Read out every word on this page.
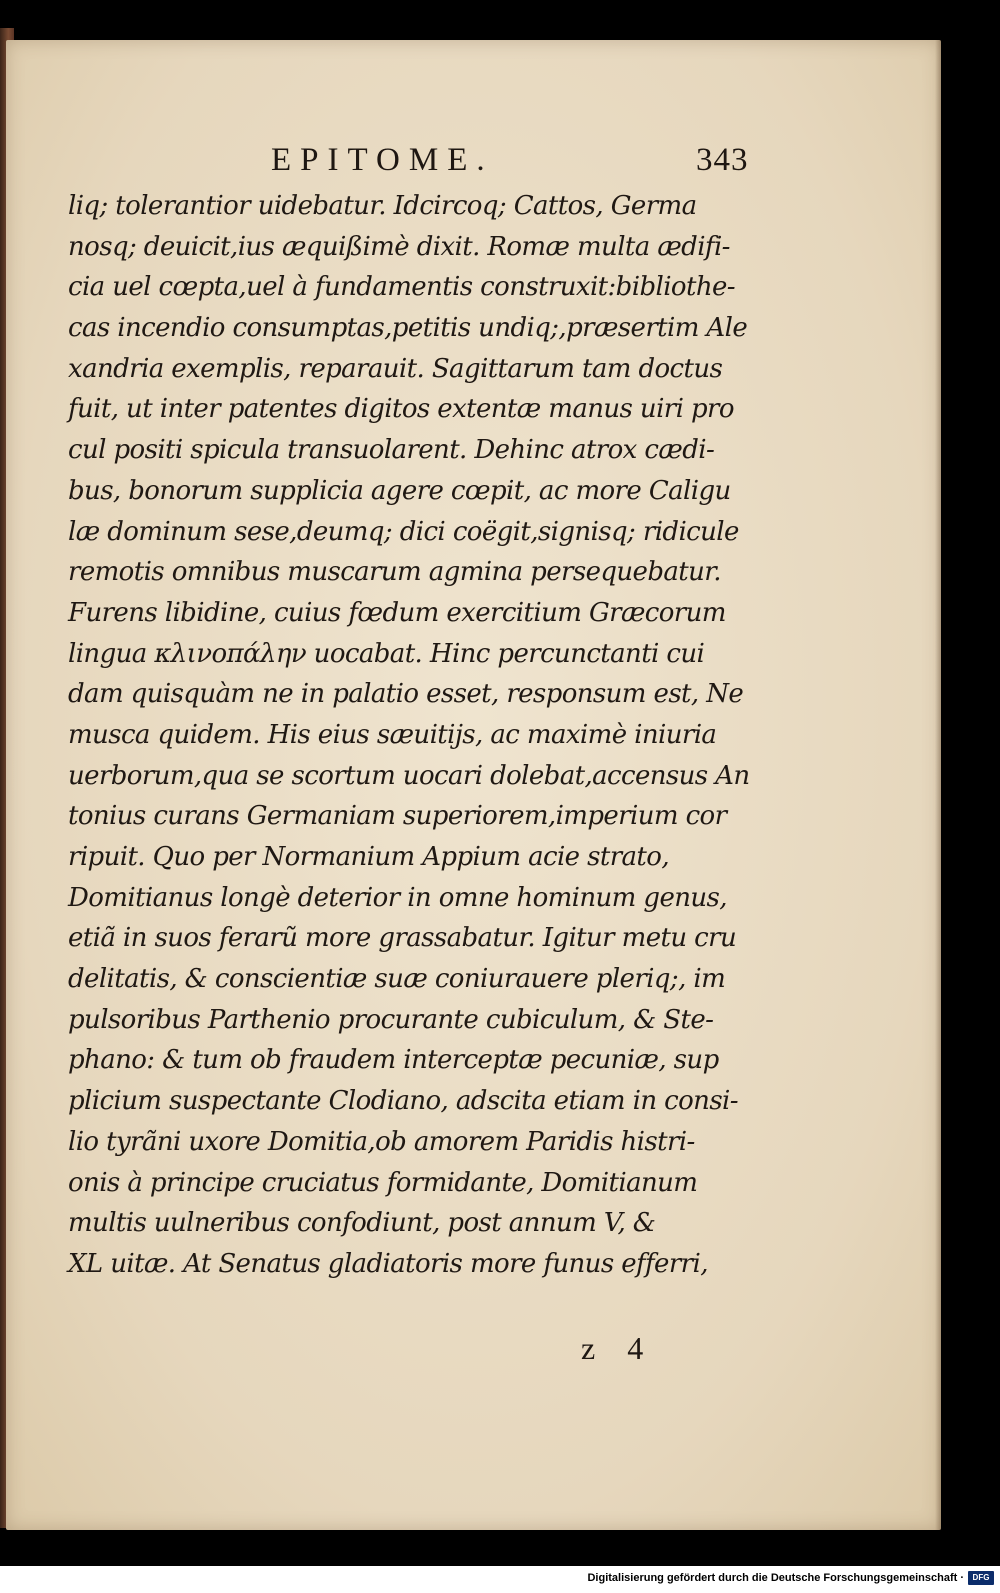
EPITOME.	343
liq; tolerantior uidebatur. Idcircoq; Cattos, Germa
nosq; deuicit,ius æquißimè dixit. Romæ multa ædifi-
cia uel cœpta,uel à fundamentis construxit:bibliothe-
cas incendio consumptas,petitis undiq;,præsertim Ale
xandria exemplis, reparauit. Sagittarum tam doctus
fuit, ut inter patentes digitos extentæ manus uiri pro
cul positi spicula transuolarent. Dehinc atrox cædi-
bus, bonorum supplicia agere cœpit, ac more Caligu
læ dominum sese,deumq; dici coëgit,signisq; ridicule
remotis omnibus muscarum agmina persequebatur.
Furens libidine, cuius fœdum exercitium Græcorum
lingua κλινοπάλην uocabat. Hinc percunctanti cui
dam quisquàm ne in palatio esset, responsum est, Ne
musca quidem. His eius sæuitijs, ac maximè iniuria
uerborum,qua se scortum uocari dolebat,accensus An
tonius curans Germaniam superiorem,imperium cor
ripuit. Quo per Normanium Appium acie strato,
Domitianus longè deterior in omne hominum genus,
etiã in suos ferarũ more grassabatur. Igitur metu cru
delitatis, & conscientiæ suæ coniurauere pleriq;, im
pulsoribus Parthenio procurante cubiculum, & Ste-
phano: & tum ob fraudem interceptæ pecuniæ, sup
plicium suspectante Clodiano, adscita etiam in consi-
lio tyrãni uxore Domitia,ob amorem Paridis histri-
onis à principe cruciatus formidante, Domitianum
multis uulneribus confodiunt, post annum V, &
XL uitæ. At Senatus gladiatoris more funus efferri,
z 4
Digitalisierung gefördert durch die Deutsche Forschungsgemeinschaft ·	DFG
